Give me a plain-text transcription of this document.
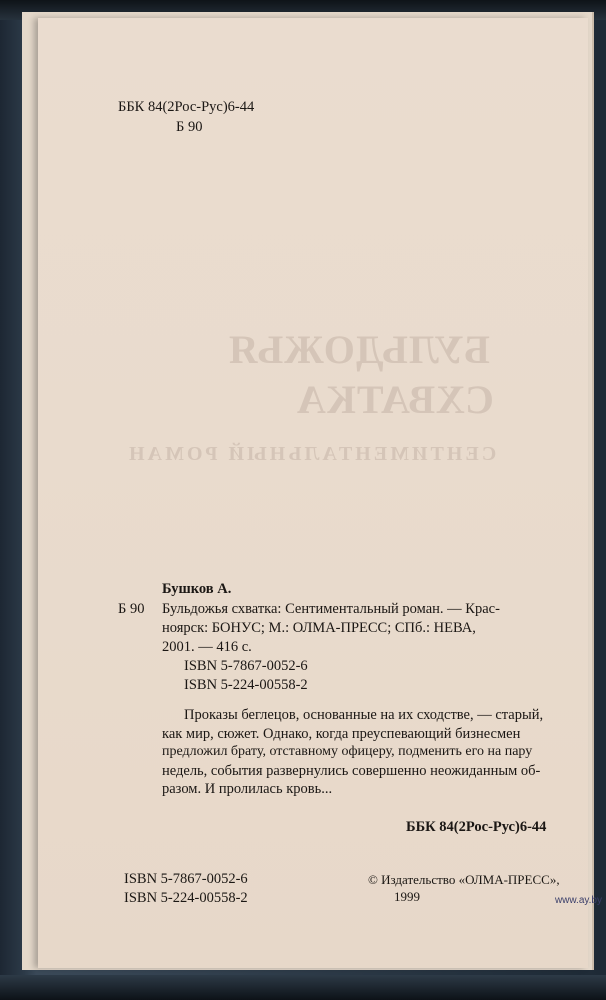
БУЛЬДОЖЬЯ
СХВАТКА
СЕНТИМЕНТАЛЬНЫЙ РОМАН
ББК 84(2Рос-Рус)6-44
Б 90
Бушков А.
Б 90 Бульдожья схватка: Сентиментальный роман. — Крас-
ноярск: БОНУС; М.: ОЛМА-ПРЕСС; СПб.: НЕВА,
2001. — 416 с.
ISBN 5-7867-0052-6
ISBN 5-224-00558-2
Проказы беглецов, основанные на их сходстве, — старый,
как мир, сюжет. Однако, когда преуспевающий бизнесмен
предложил брату, отставному офицеру, подменить его на пару
недель, события развернулись совершенно неожиданным об-
разом. И пролилась кровь...
ББК 84(2Рос-Рус)6-44
ISBN 5-7867-0052-6
ISBN 5-224-00558-2
© Издательство «ОЛМА-ПРЕСС»,
1999	www.ay.by
